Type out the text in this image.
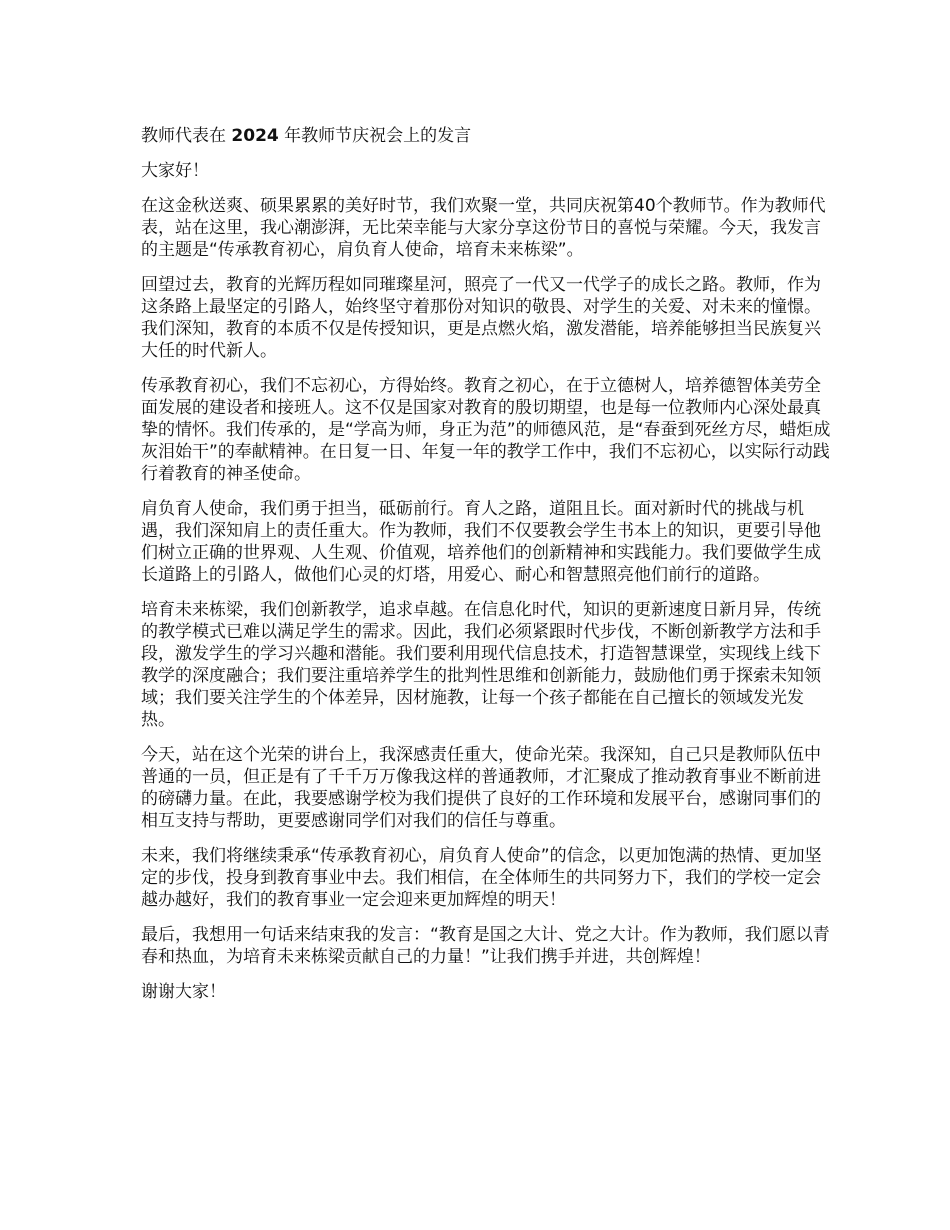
教师代表在 2024 年教师节庆祝会上的发言

大家好！

在这金秋送爽、硕果累累的美好时节，我们欢聚一堂，共同庆祝第40个教师节。作为教师代表，站在这里，我心潮澎湃，无比荣幸能与大家分享这份节日的喜悦与荣耀。今天，我发言的主题是“传承教育初心，肩负育人使命，培育未来栋梁”。

回望过去，教育的光辉历程如同璀璨星河，照亮了一代又一代学子的成长之路。教师，作为这条路上最坚定的引路人，始终坚守着那份对知识的敬畏、对学生的关爱、对未来的憧憬。我们深知，教育的本质不仅是传授知识，更是点燃火焰，激发潜能，培养能够担当民族复兴大任的时代新人。

传承教育初心，我们不忘初心，方得始终。教育之初心，在于立德树人，培养德智体美劳全面发展的建设者和接班人。这不仅是国家对教育的殷切期望，也是每一位教师内心深处最真挚的情怀。我们传承的，是“学高为师，身正为范”的师德风范，是“春蚕到死丝方尽，蜡炬成灰泪始干”的奉献精神。在日复一日、年复一年的教学工作中，我们不忘初心，以实际行动践行着教育的神圣使命。

肩负育人使命，我们勇于担当，砥砺前行。育人之路，道阻且长。面对新时代的挑战与机遇，我们深知肩上的责任重大。作为教师，我们不仅要教会学生书本上的知识，更要引导他们树立正确的世界观、人生观、价值观，培养他们的创新精神和实践能力。我们要做学生成长道路上的引路人，做他们心灵的灯塔，用爱心、耐心和智慧照亮他们前行的道路。

培育未来栋梁，我们创新教学，追求卓越。在信息化时代，知识的更新速度日新月异，传统的教学模式已难以满足学生的需求。因此，我们必须紧跟时代步伐，不断创新教学方法和手段，激发学生的学习兴趣和潜能。我们要利用现代信息技术，打造智慧课堂，实现线上线下教学的深度融合；我们要注重培养学生的批判性思维和创新能力，鼓励他们勇于探索未知领域；我们要关注学生的个体差异，因材施教，让每一个孩子都能在自己擅长的领域发光发热。

今天，站在这个光荣的讲台上，我深感责任重大，使命光荣。我深知，自己只是教师队伍中普通的一员，但正是有了千千万万像我这样的普通教师，才汇聚成了推动教育事业不断前进的磅礴力量。在此，我要感谢学校为我们提供了良好的工作环境和发展平台，感谢同事们的相互支持与帮助，更要感谢同学们对我们的信任与尊重。

未来，我们将继续秉承“传承教育初心，肩负育人使命”的信念，以更加饱满的热情、更加坚定的步伐，投身到教育事业中去。我们相信，在全体师生的共同努力下，我们的学校一定会越办越好，我们的教育事业一定会迎来更加辉煌的明天！

最后，我想用一句话来结束我的发言：“教育是国之大计、党之大计。作为教师，我们愿以青春和热血，为培育未来栋梁贡献自己的力量！”让我们携手并进，共创辉煌！

谢谢大家！
